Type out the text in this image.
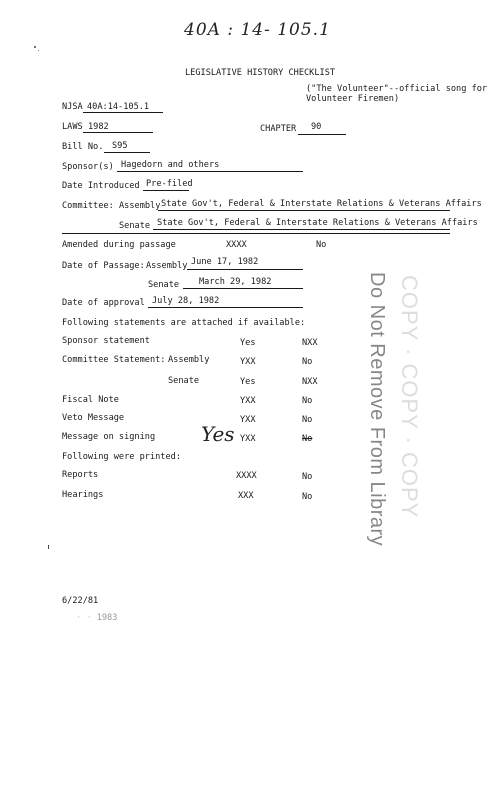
40A : 14- 105.1
LEGISLATIVE HISTORY CHECKLIST
("The Volunteer"--official song for
Volunteer Firemen)
NJSA 40A:14-105.1
LAWS 1982	CHAPTER 90
Bill No. S95
Sponsor(s) Hagedorn and others
Date Introduced Pre-filed
Committee: Assembly State Gov't, Federal & Interstate Relations & Veterans Affairs
Senate State Gov't, Federal & Interstate Relations & Veterans Affairs
Amended during passage	XXXX	No
Date of Passage: Assembly June 17, 1982
Senate March 29, 1982
Date of approval July 28, 1982
Following statements are attached if available:
Sponsor statement	Yes	NXX
Committee Statement: Assembly	YXX	No
Senate	Yes	NXX
Fiscal Note	YXX	No
Veto Message	YXX	No
Message on signing Yes YXX	No
Following were printed:
Reports	XXXX	No
Hearings	XXX	No	Do Not Remove From Library COPY · COPY · COPY
6/22/81
· · 1983
